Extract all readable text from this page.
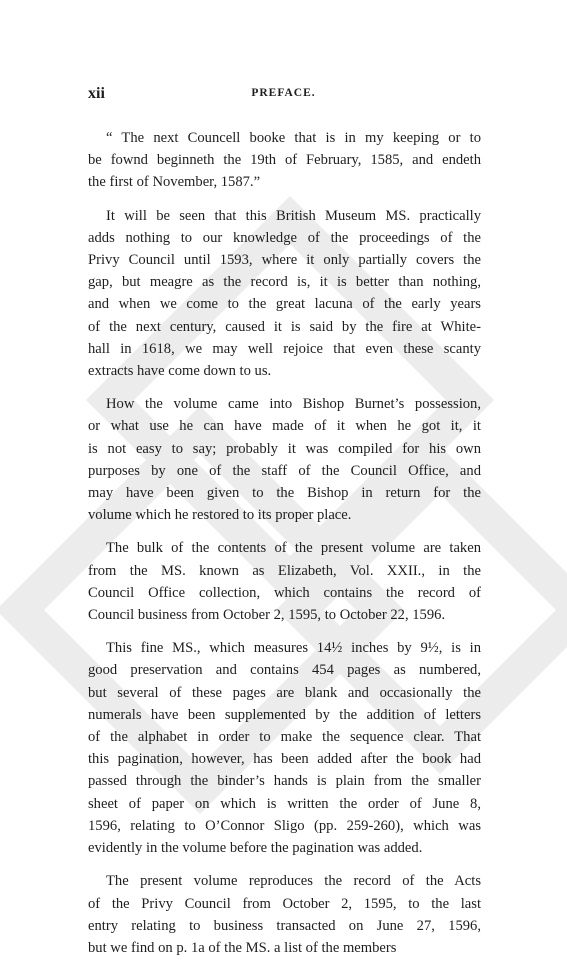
xii	PREFACE.
“ The next Councell booke that is in my keeping or to
be fownd beginneth the 19th of February, 1585, and endeth
the first of November, 1587.”
It will be seen that this British Museum MS. practically
adds nothing to our knowledge of the proceedings of the
Privy Council until 1593, where it only partially covers the
gap, but meagre as the record is, it is better than nothing,
and when we come to the great lacuna of the early years
of the next century, caused it is said by the fire at White-
hall in 1618, we may well rejoice that even these scanty
extracts have come down to us.
How the volume came into Bishop Burnet’s possession,
or what use he can have made of it when he got it, it
is not easy to say; probably it was compiled for his own
purposes by one of the staff of the Council Office, and
may have been given to the Bishop in return for the
volume which he restored to its proper place.
The bulk of the contents of the present volume are taken
from the MS. known as Elizabeth, Vol. XXII., in the
Council Office collection, which contains the record of
Council business from October 2, 1595, to October 22, 1596.
This fine MS., which measures 14½ inches by 9½, is in
good preservation and contains 454 pages as numbered,
but several of these pages are blank and occasionally the
numerals have been supplemented by the addition of letters
of the alphabet in order to make the sequence clear. That
this pagination, however, has been added after the book had
passed through the binder’s hands is plain from the smaller
sheet of paper on which is written the order of June 8,
1596, relating to O’Connor Sligo (pp. 259-260), which was
evidently in the volume before the pagination was added.
The present volume reproduces the record of the Acts
of the Privy Council from October 2, 1595, to the last
entry relating to business transacted on June 27, 1596,
but we find on p. 1a of the MS. a list of the members
